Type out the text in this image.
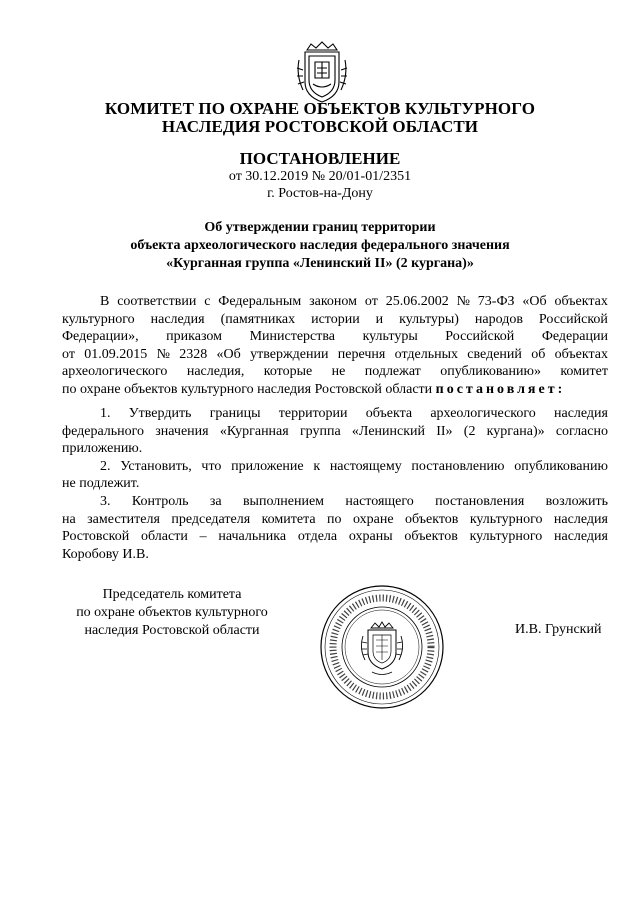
КОМИТЕТ ПО ОХРАНЕ ОБЪЕКТОВ КУЛЬТУРНОГО
НАСЛЕДИЯ РОСТОВСКОЙ ОБЛАСТИ
ПОСТАНОВЛЕНИЕ
от 30.12.2019 № 20/01-01/2351
г. Ростов-на-Дону
Об утверждении границ территории
объекта археологического наследия федерального значения
«Курганная группа «Ленинский II» (2 кургана)»
В соответствии с Федеральным законом от 25.06.2002 № 73-ФЗ «Об объектах
культурного наследия (памятниках истории и культуры) народов Российской
Федерации», приказом Министерства культуры Российской Федерации
от 01.09.2015 № 2328 «Об утверждении перечня отдельных сведений об объектах
археологического наследия, которые не подлежат опубликованию» комитет
по охране объектов культурного наследия Ростовской области постановляет:
1. Утвердить границы территории объекта археологического наследия
федерального значения «Курганная группа «Ленинский II» (2 кургана)» согласно
приложению.
2. Установить, что приложение к настоящему постановлению опубликованию
не подлежит.
3. Контроль за выполнением настоящего постановления возложить
на заместителя председателя комитета по охране объектов культурного наследия
Ростовской области – начальника отдела охраны объектов культурного наследия
Коробову И.В.
Председатель комитета
по охране объектов культурного
наследия Ростовской области	И.В. Грунский
